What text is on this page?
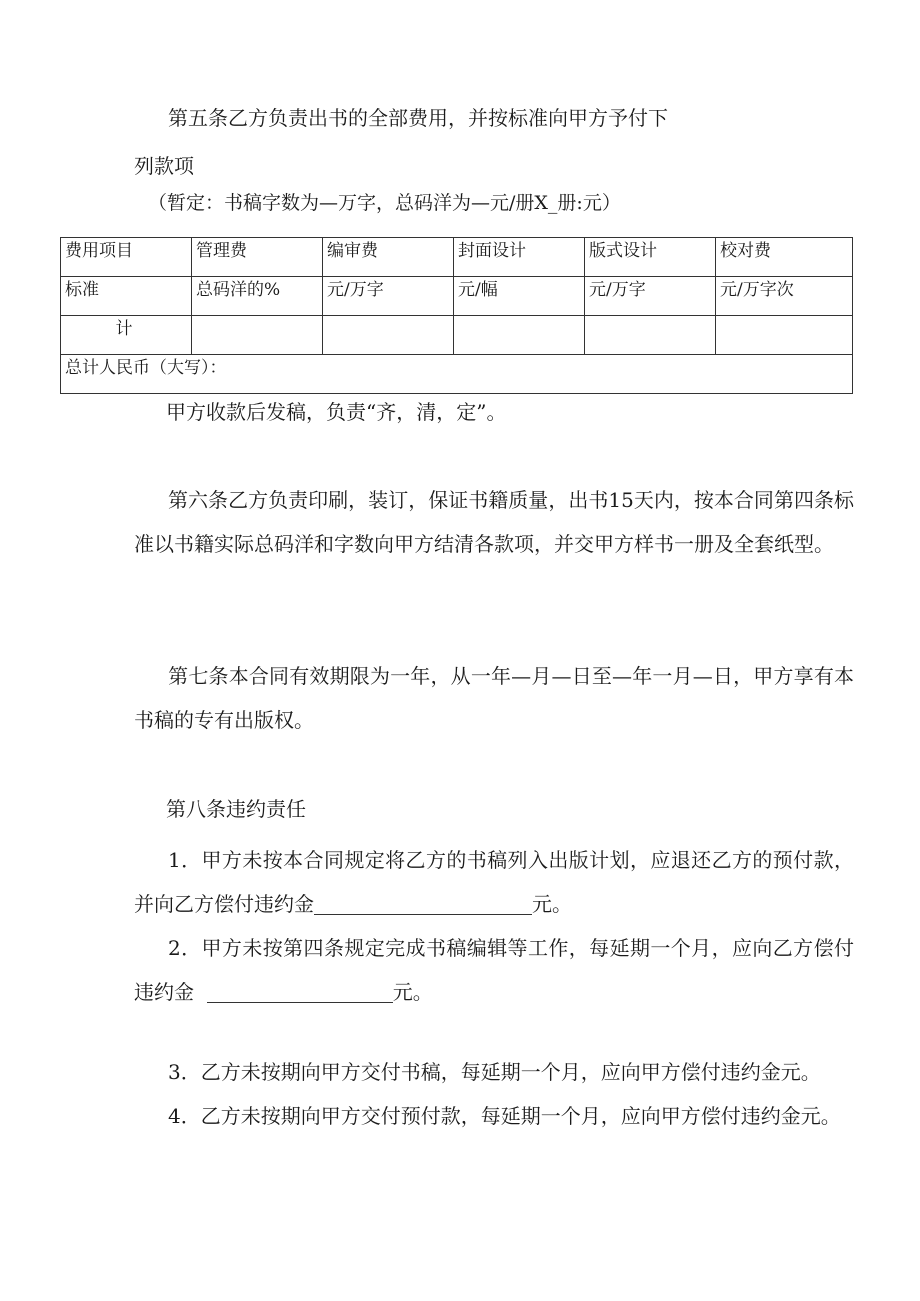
第五条乙方负责出书的全部费用，并按标准向甲方予付下
列款项

（暂定：书稿字数为—万字，总码洋为—元/册X_册:元）

费用项目	管理费	编审费	封面设计	版式设计	校对费
标准	总码洋的%	元/万字	元/幅	元/万字	元/万字次
计					
总计人民币（大写）：					

甲方收款后发稿，负责“齐，清，定”。

第六条乙方负责印刷，装订，保证书籍质量，出书15天内，按本合同第四条标准以书籍实际总码洋和字数向甲方结清各款项，并交甲方样书一册及全套纸型。

第七条本合同有效期限为一年，从一年—月—日至—年一月—日，甲方享有本书稿的专有出版权。

第八条违约责任

1．甲方未按本合同规定将乙方的书稿列入出版计划，应退还乙方的预付款，并向乙方偿付违约金	元。

2．甲方未按第四条规定完成书稿编辑等工作，每延期一个月，应向乙方偿付违约金	元。

3．乙方未按期向甲方交付书稿，每延期一个月，应向甲方偿付违约金元。

4．乙方未按期向甲方交付预付款，每延期一个月，应向甲方偿付违约金元。
